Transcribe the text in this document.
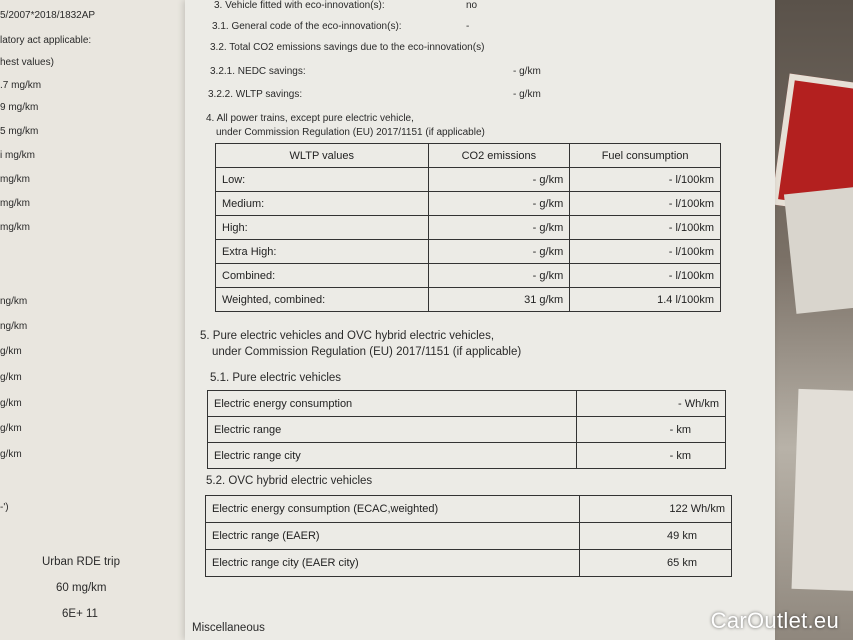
5/2007*2018/1832AP
latory act applicable:
hest values)
.7 mg/km
9 mg/km
5 mg/km
i mg/km
mg/km
mg/km
mg/km
ng/km
ng/km
g/km
g/km
g/km
g/km
g/km
-')
Urban RDE trip
60 mg/km
6E+ 11
3. Vehicle fitted with eco-innovation(s):	no
3.1. General code of the eco-innovation(s):	-
3.2. Total CO2 emissions savings due to the eco-innovation(s)
3.2.1. NEDC savings:	- g/km
3.2.2. WLTP savings:	- g/km
4. All power trains, except pure electric vehicle,
under Commission Regulation (EU) 2017/1151 (if applicable)
WLTP values	CO2 emissions	Fuel consumption
Low:	- g/km	- l/100km
Medium:	- g/km	- l/100km
High:	- g/km	- l/100km
Extra High:	- g/km	- l/100km
Combined:	- g/km	- l/100km
Weighted, combined:	31 g/km	1.4 l/100km
5. Pure electric vehicles and OVC hybrid electric vehicles,
under Commission Regulation (EU) 2017/1151 (if applicable)
5.1. Pure electric vehicles
Electric energy consumption	- Wh/km
Electric range	- km
Electric range city	- km
5.2. OVC hybrid electric vehicles
Electric energy consumption (ECAC,weighted)	122 Wh/km
Electric range (EAER)	49 km
Electric range city (EAER city)	65 km
Miscellaneous	CarOutlet.eu
